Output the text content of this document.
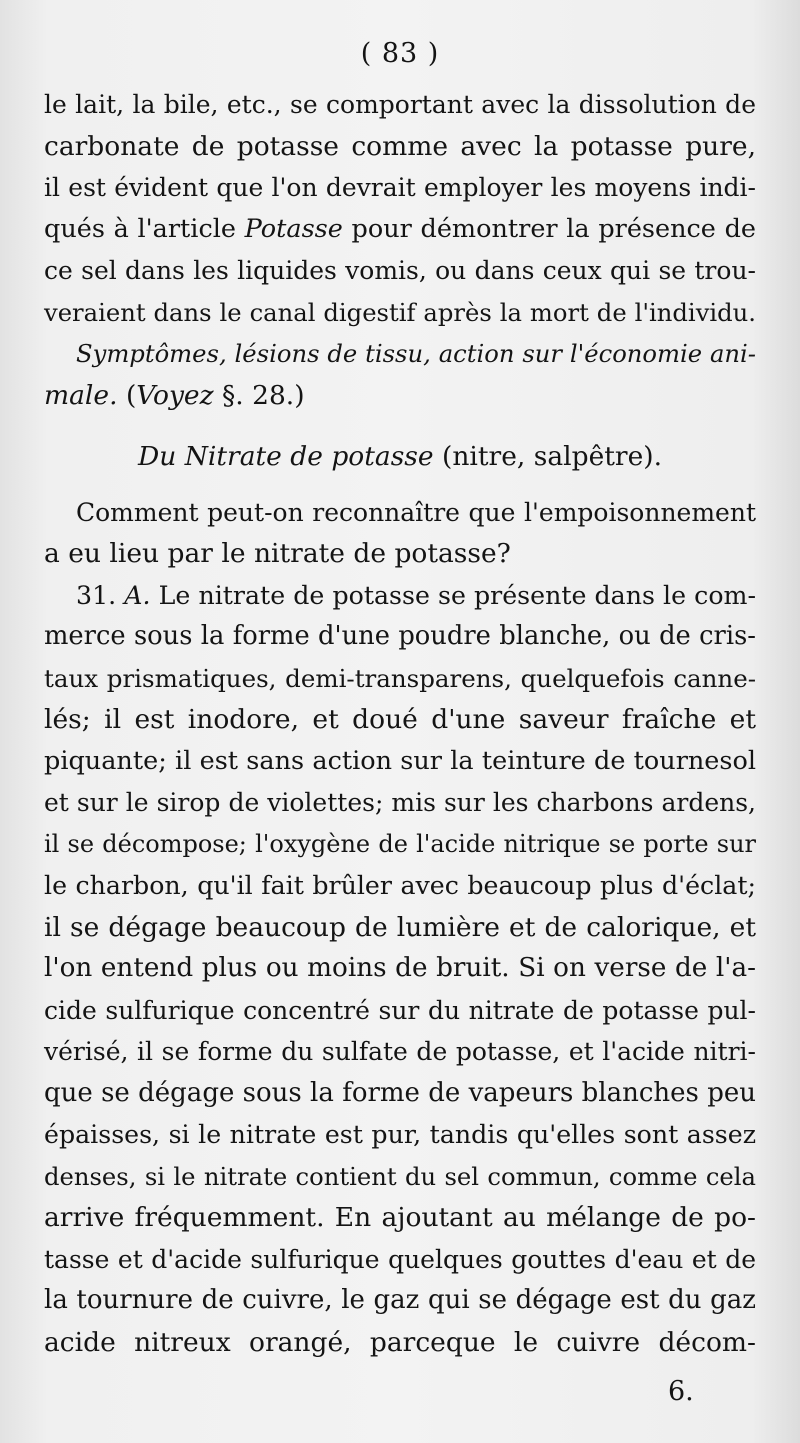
( 83 )
le lait, la bile, etc., se comportant avec la dissolution de
carbonate de potasse comme avec la potasse pure,
il est évident que l'on devrait employer les moyens indi-
qués à l'article Potasse pour démontrer la présence de
ce sel dans les liquides vomis, ou dans ceux qui se trou-
veraient dans le canal digestif après la mort de l'individu.
Symptômes, lésions de tissu, action sur l'économie ani-
male. (Voyez §. 28.)
Du Nitrate de potasse (nitre, salpêtre).
Comment peut-on reconnaître que l'empoisonnement
a eu lieu par le nitrate de potasse?
31. A. Le nitrate de potasse se présente dans le com-
merce sous la forme d'une poudre blanche, ou de cris-
taux prismatiques, demi-transparens, quelquefois canne-
lés; il est inodore, et doué d'une saveur fraîche et
piquante; il est sans action sur la teinture de tournesol
et sur le sirop de violettes; mis sur les charbons ardens,
il se décompose; l'oxygène de l'acide nitrique se porte sur
le charbon, qu'il fait brûler avec beaucoup plus d'éclat;
il se dégage beaucoup de lumière et de calorique, et
l'on entend plus ou moins de bruit. Si on verse de l'a-
cide sulfurique concentré sur du nitrate de potasse pul-
vérisé, il se forme du sulfate de potasse, et l'acide nitri-
que se dégage sous la forme de vapeurs blanches peu
épaisses, si le nitrate est pur, tandis qu'elles sont assez
denses, si le nitrate contient du sel commun, comme cela
arrive fréquemment. En ajoutant au mélange de po-
tasse et d'acide sulfurique quelques gouttes d'eau et de
la tournure de cuivre, le gaz qui se dégage est du gaz
acide nitreux orangé, parceque le cuivre décom-
6.
